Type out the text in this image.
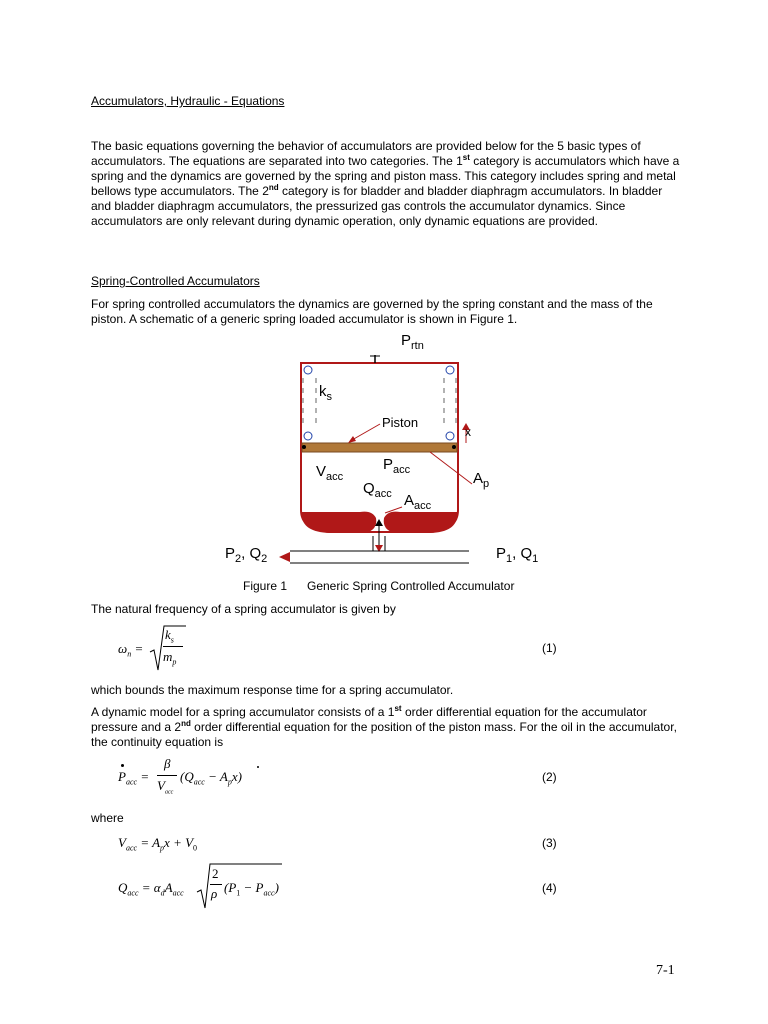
Accumulators, Hydraulic - Equations

The basic equations governing the behavior of accumulators are provided below for the 5 basic types of accumulators. The equations are separated into two categories. The 1st category is accumulators which have a spring and the dynamics are governed by the spring and piston mass. This category includes spring and metal bellows type accumulators. The 2nd category is for bladder and bladder diaphragm accumulators. In bladder and bladder diaphragm accumulators, the pressurized gas controls the accumulator dynamics. Since accumulators are only relevant during dynamic operation, only dynamic equations are provided.

Spring-Controlled Accumulators

For spring controlled accumulators the dynamics are governed by the spring constant and the mass of the piston. A schematic of a generic spring loaded accumulator is shown in Figure 1.

$P_{rtn}$
$k_s$
Piston
x
$V_{acc}$
$P_{acc}$
$Q_{acc}$ $A_{acc}$
$A_p$
$P_2$, $Q_2$	$P_1$, $Q_1$
Figure 1 Generic Spring Controlled Accumulator
The natural frequency of a spring accumulator is given by
$\omega_n$ =
$k_s$
$m_p$
(1)
which bounds the maximum response time for a spring accumulator.

A dynamic model for a spring accumulator consists of a 1st order differential equation for the accumulator pressure and a 2nd order differential equation for the position of the piston mass. For the oil in the accumulator, the continuity equation is

$P_{acc}$ =
β
$V_{acc}$
$(Q_{acc} - A_px)$	(2)
where
$V_{acc} = A_px + V_0$	(3)
$Q_{acc} = \alpha_dA_{acc}$
2
ρ $(P_1 - P_{acc})$	(4)
7-1
